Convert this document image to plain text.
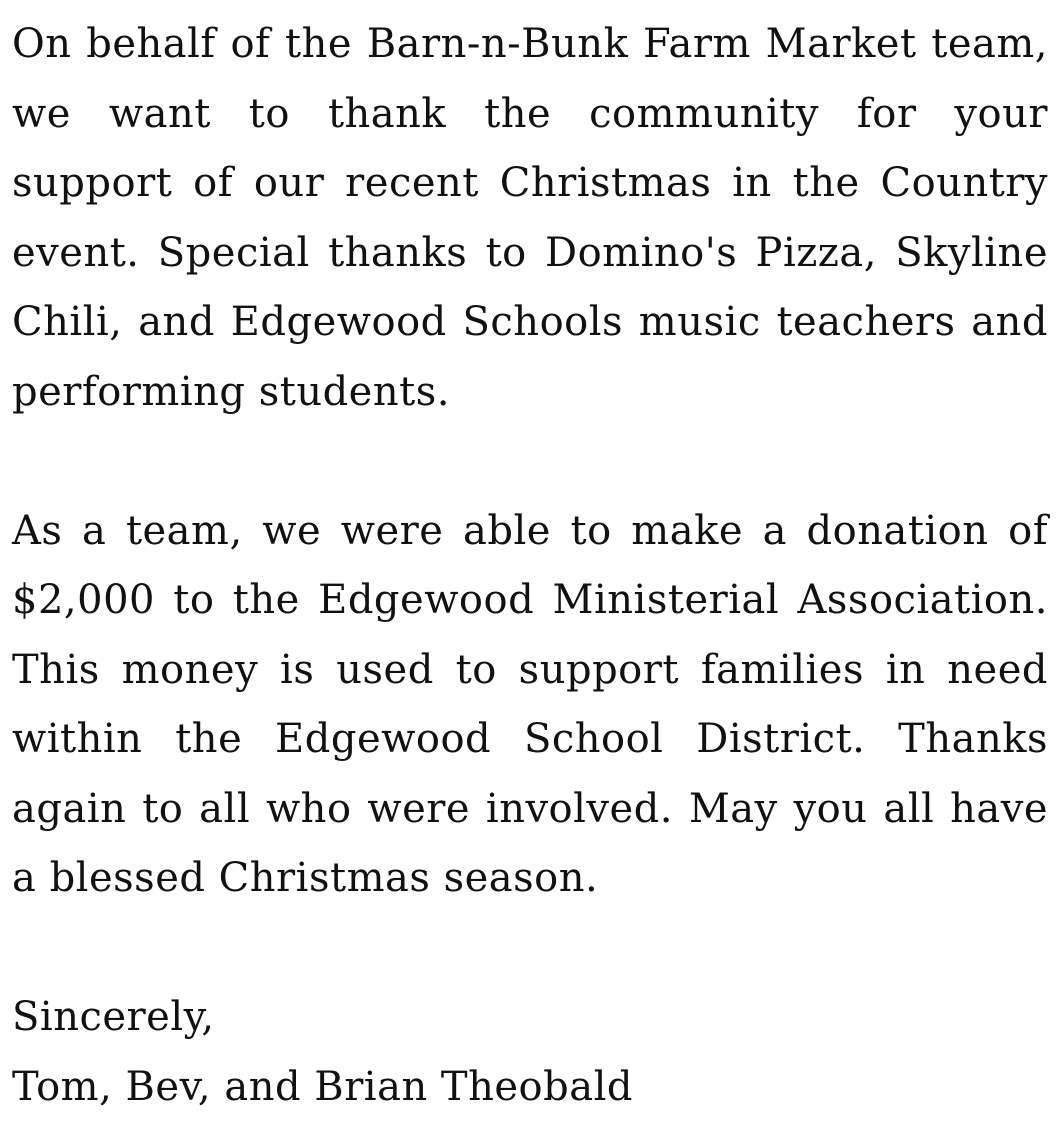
On behalf of the Barn-n-Bunk Farm Market team, we want to thank the community for your support of our recent Christmas in the Country event. Special thanks to Domino's Pizza, Skyline Chili, and Edgewood Schools music teachers and performing students.

As a team, we were able to make a donation of $2,000 to the Edgewood Ministerial Association. This money is used to support families in need within the Edgewood School District. Thanks again to all who were involved. May you all have a blessed Christmas season.

Sincerely,

Tom, Bev, and Brian Theobald
